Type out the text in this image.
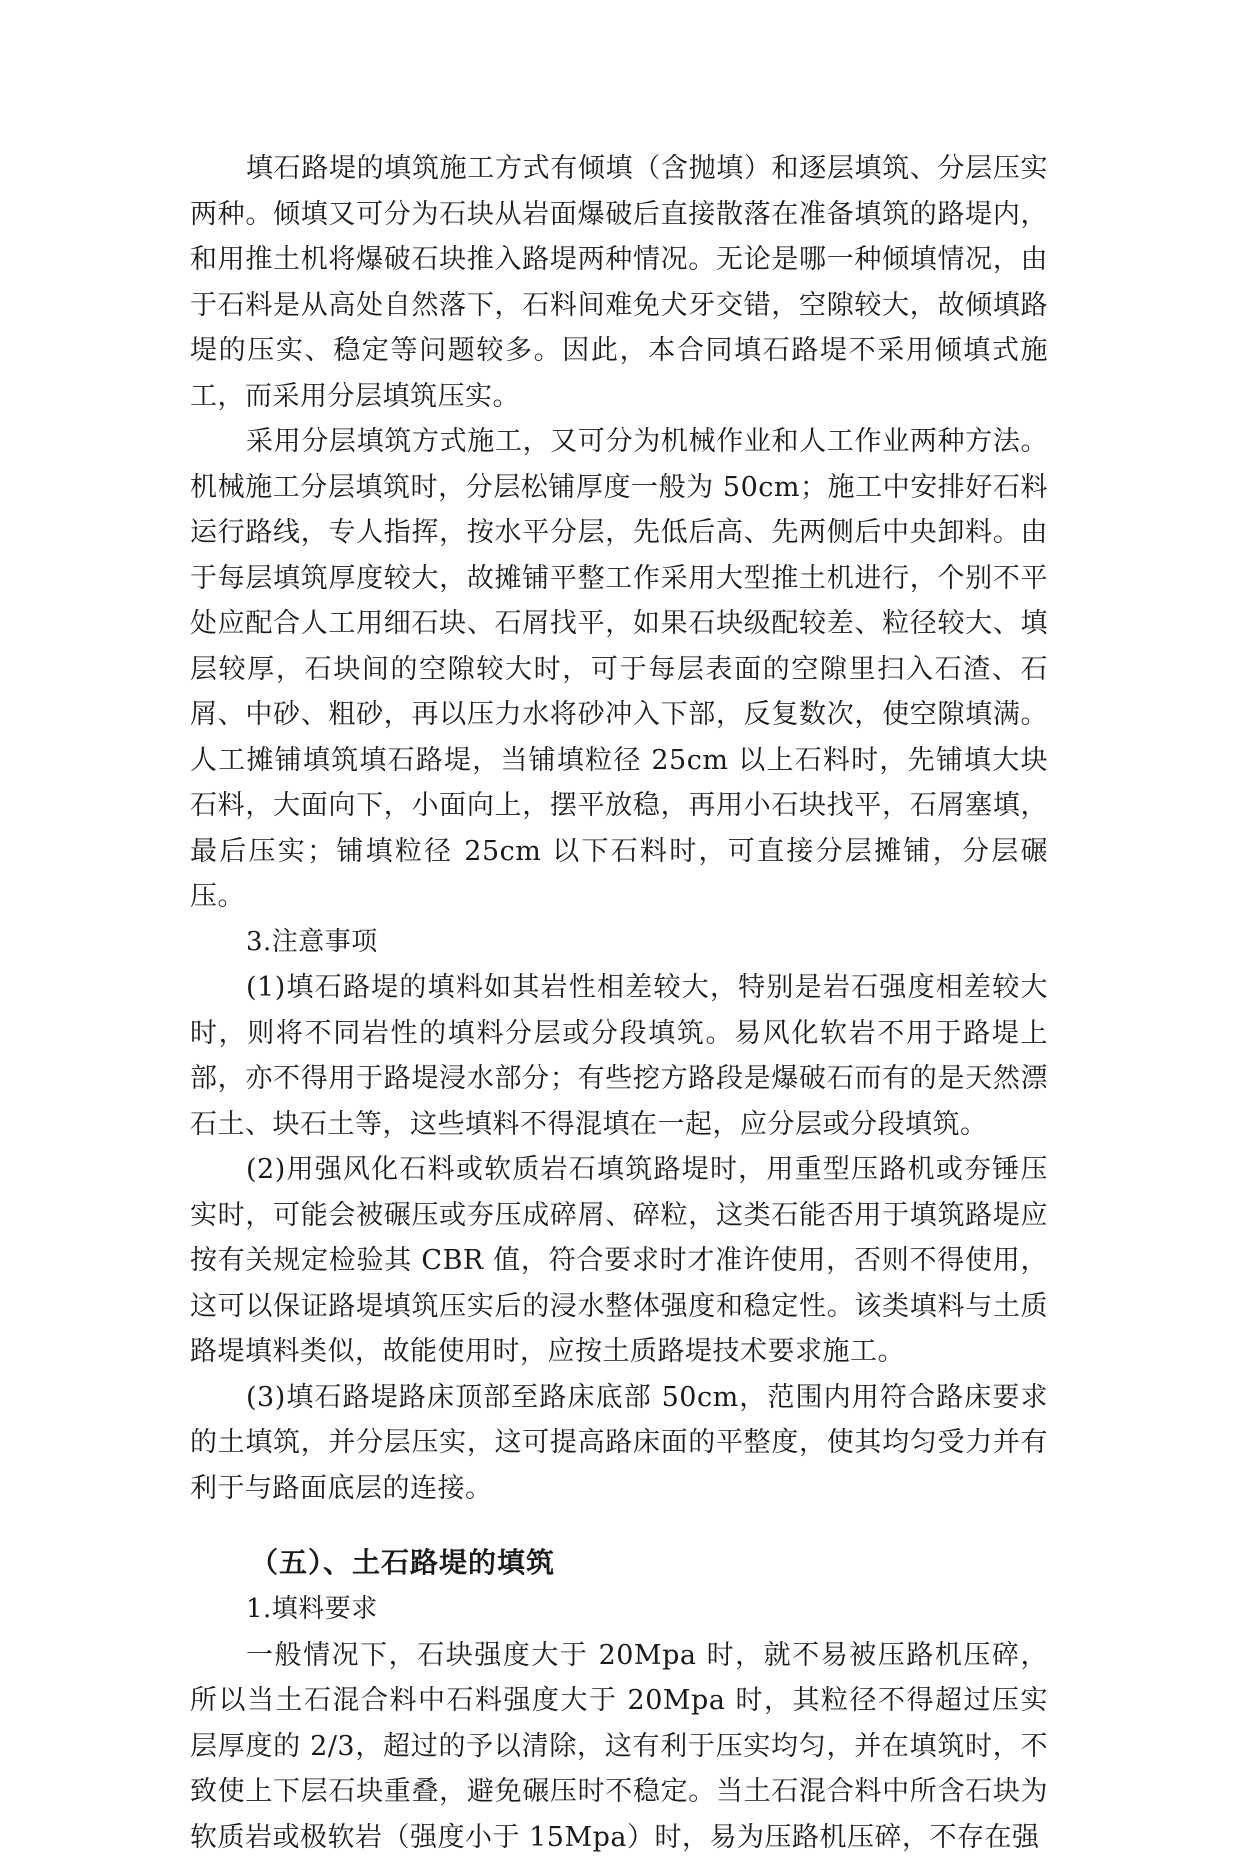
填石路堤的填筑施工方式有倾填（含抛填）和逐层填筑、分层压实两种。倾填又可分为石块从岩面爆破后直接散落在准备填筑的路堤内，和用推土机将爆破石块推入路堤两种情况。无论是哪一种倾填情况，由于石料是从高处自然落下，石料间难免犬牙交错，空隙较大，故倾填路堤的压实、稳定等问题较多。因此，本合同填石路堤不采用倾填式施工，而采用分层填筑压实。

采用分层填筑方式施工，又可分为机械作业和人工作业两种方法。机械施工分层填筑时，分层松铺厚度一般为 50cm；施工中安排好石料运行路线，专人指挥，按水平分层，先低后高、先两侧后中央卸料。由于每层填筑厚度较大，故摊铺平整工作采用大型推土机进行，个别不平处应配合人工用细石块、石屑找平，如果石块级配较差、粒径较大、填层较厚，石块间的空隙较大时，可于每层表面的空隙里扫入石渣、石屑、中砂、粗砂，再以压力水将砂冲入下部，反复数次，使空隙填满。人工摊铺填筑填石路堤，当铺填粒径 25cm 以上石料时，先铺填大块石料，大面向下，小面向上，摆平放稳，再用小石块找平，石屑塞填，最后压实；铺填粒径 25cm 以下石料时，可直接分层摊铺，分层碾压。

3.注意事项

(1)填石路堤的填料如其岩性相差较大，特别是岩石强度相差较大时，则将不同岩性的填料分层或分段填筑。易风化软岩不用于路堤上部，亦不得用于路堤浸水部分；有些挖方路段是爆破石而有的是天然漂石土、块石土等，这些填料不得混填在一起，应分层或分段填筑。

(2)用强风化石料或软质岩石填筑路堤时，用重型压路机或夯锤压实时，可能会被碾压或夯压成碎屑、碎粒，这类石能否用于填筑路堤应按有关规定检验其 CBR 值，符合要求时才准许使用，否则不得使用，这可以保证路堤填筑压实后的浸水整体强度和稳定性。该类填料与土质路堤填料类似，故能使用时，应按土质路堤技术要求施工。

(3)填石路堤路床顶部至路床底部 50cm，范围内用符合路床要求的土填筑，并分层压实，这可提高路床面的平整度，使其均匀受力并有利于与路面底层的连接。

（五）、土石路堤的填筑

1.填料要求

一般情况下，石块强度大于 20Mpa 时，就不易被压路机压碎，所以当土石混合料中石料强度大于 20Mpa 时，其粒径不得超过压实层厚度的 2/3，超过的予以清除，这有利于压实均匀，并在填筑时，不致使上下层石块重叠，避免碾压时不稳定。当土石混合料中所含石块为软质岩或极软岩（强度小于 15Mpa）时，易为压路机压碎，不存在强
